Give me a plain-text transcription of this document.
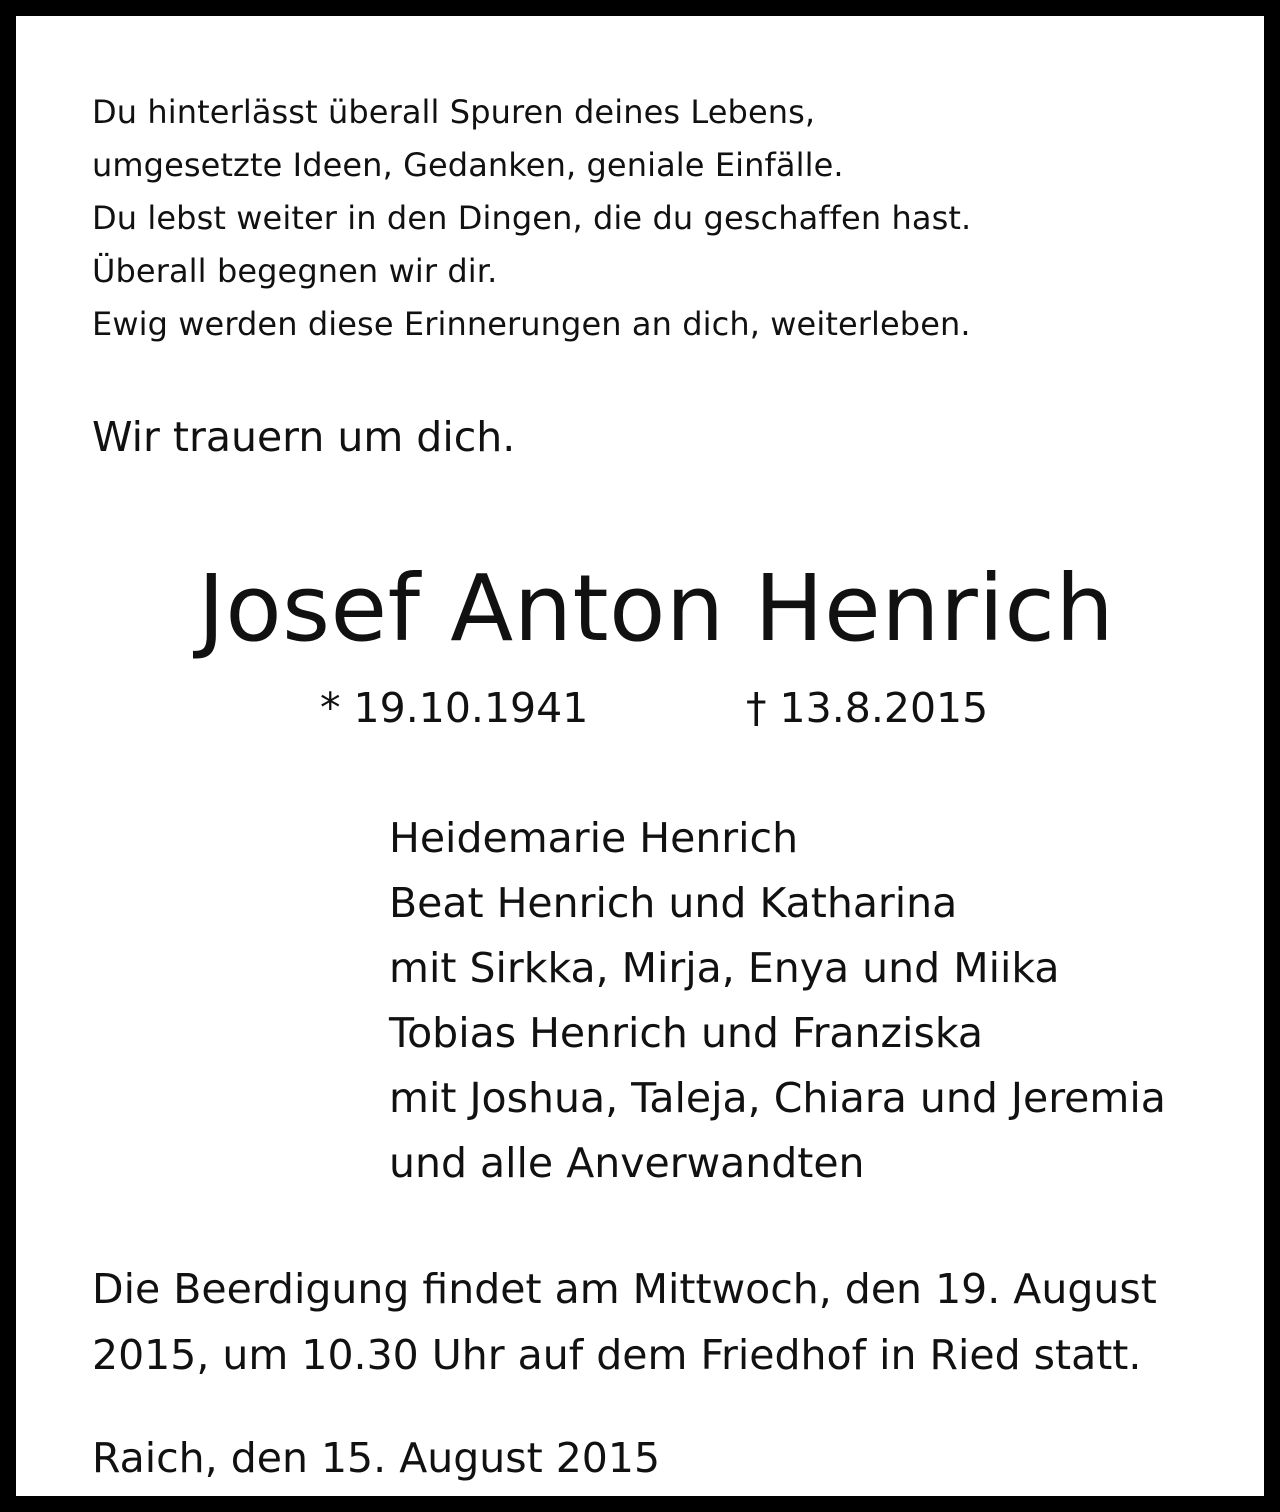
Du hinterlässt überall Spuren deines Lebens,
umgesetzte Ideen, Gedanken, geniale Einfälle.
Du lebst weiter in den Dingen, die du geschaffen hast.
Überall begegnen wir dir.
Ewig werden diese Erinnerungen an dich, weiterleben.
Wir trauern um dich.
Josef Anton Henrich
* 19.10.1941	† 13.8.2015
Heidemarie Henrich
Beat Henrich und Katharina
mit Sirkka, Mirja, Enya und Miika
Tobias Henrich und Franziska
mit Joshua, Taleja, Chiara und Jeremia
und alle Anverwandten
Die Beerdigung findet am Mittwoch, den 19. August
2015, um 10.30 Uhr auf dem Friedhof in Ried statt.
Raich, den 15. August 2015
